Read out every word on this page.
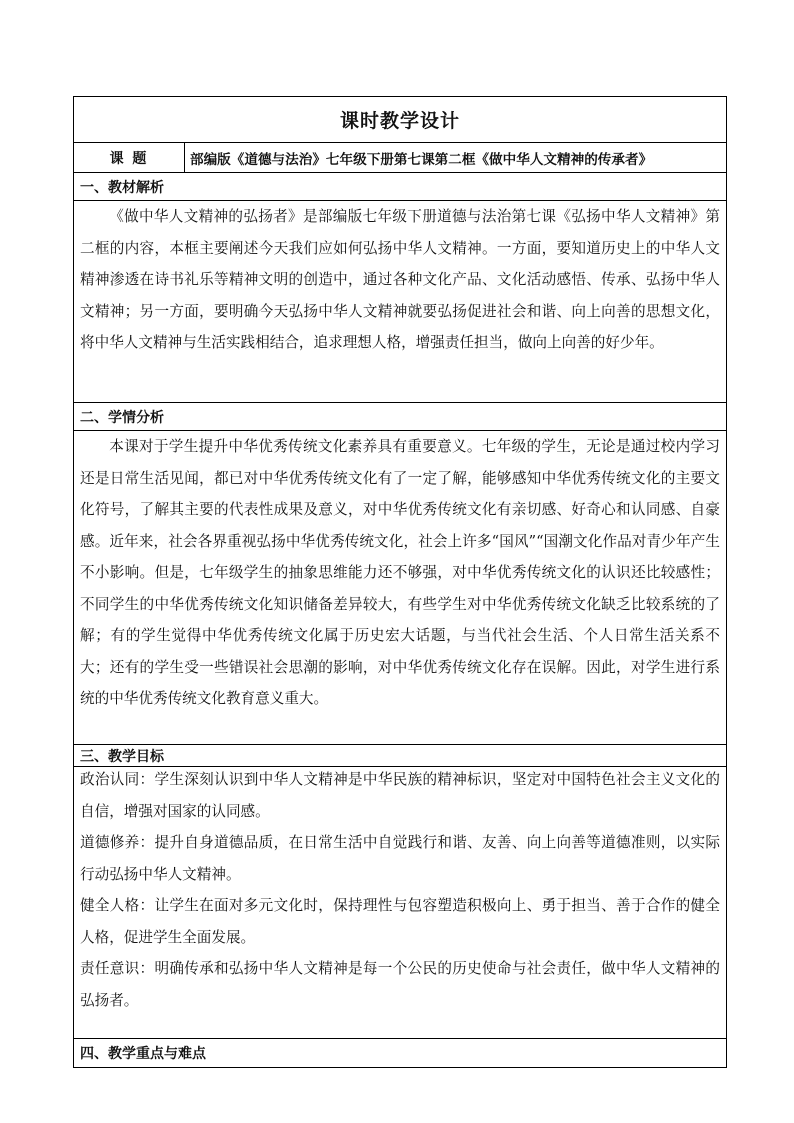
课时教学设计
课 题	部编版《道德与法治》七年级下册第七课第二框《做中华人文精神的传承者》
一、教材解析

《做中华人文精神的弘扬者》是部编版七年级下册道德与法治第七课《弘扬中华人文精神》第二框的内容，本框主要阐述今天我们应如何弘扬中华人文精神。一方面，要知道历史上的中华人文精神渗透在诗书礼乐等精神文明的创造中，通过各种文化产品、文化活动感悟、传承、弘扬中华人文精神；另一方面，要明确今天弘扬中华人文精神就要弘扬促进社会和谐、向上向善的思想文化，将中华人文精神与生活实践相结合，追求理想人格，增强责任担当，做向上向善的好少年。

二、学情分析

本课对于学生提升中华优秀传统文化素养具有重要意义。七年级的学生，无论是通过校内学习还是日常生活见闻，都已对中华优秀传统文化有了一定了解，能够感知中华优秀传统文化的主要文化符号，了解其主要的代表性成果及意义，对中华优秀传统文化有亲切感、好奇心和认同感、自豪感。近年来，社会各界重视弘扬中华优秀传统文化，社会上许多“国风”“国潮文化作品对青少年产生不小影响。但是，七年级学生的抽象思维能力还不够强，对中华优秀传统文化的认识还比较感性；不同学生的中华优秀传统文化知识储备差异较大，有些学生对中华优秀传统文化缺乏比较系统的了解；有的学生觉得中华优秀传统文化属于历史宏大话题，与当代社会生活、个人日常生活关系不大；还有的学生受一些错误社会思潮的影响，对中华优秀传统文化存在误解。因此，对学生进行系统的中华优秀传统文化教育意义重大。

三、教学目标

政治认同：学生深刻认识到中华人文精神是中华民族的精神标识，坚定对中国特色社会主义文化的自信，增强对国家的认同感。

道德修养：提升自身道德品质，在日常生活中自觉践行和谐、友善、向上向善等道德准则，以实际行动弘扬中华人文精神。

健全人格：让学生在面对多元文化时，保持理性与包容塑造积极向上、勇于担当、善于合作的健全人格，促进学生全面发展。

责任意识：明确传承和弘扬中华人文精神是每一个公民的历史使命与社会责任，做中华人文精神的弘扬者。

四、教学重点与难点
